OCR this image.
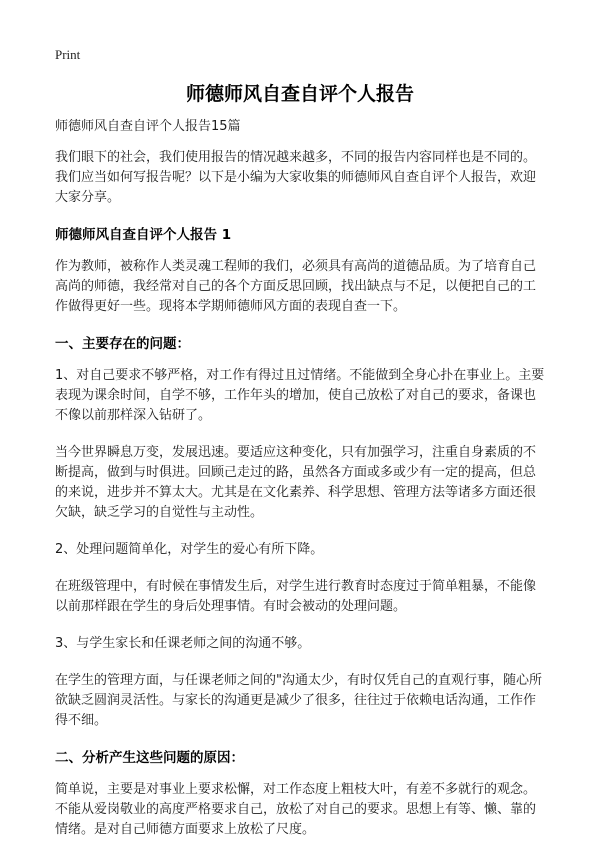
Print
师德师风自查自评个人报告

师德师风自查自评个人报告15篇

我们眼下的社会，我们使用报告的情况越来越多，不同的报告内容同样也是不同的。我们应当如何写报告呢？以下是小编为大家收集的师德师风自查自评个人报告，欢迎大家分享。

师德师风自查自评个人报告 1

作为教师，被称作人类灵魂工程师的我们，必须具有高尚的道德品质。为了培育自己高尚的师德，我经常对自己的各个方面反思回顾，找出缺点与不足，以便把自己的工作做得更好一些。现将本学期师德师风方面的表现自查一下。

一、主要存在的问题：

1、对自己要求不够严格，对工作有得过且过情绪。不能做到全身心扑在事业上。主要表现为课余时间，自学不够，工作年头的增加，使自己放松了对自己的要求，备课也不像以前那样深入钻研了。

当今世界瞬息万变，发展迅速。要适应这种变化，只有加强学习，注重自身素质的不断提高，做到与时俱进。回顾己走过的路，虽然各方面或多或少有一定的提高，但总的来说，进步并不算太大。尤其是在文化素养、科学思想、管理方法等诸多方面还很欠缺，缺乏学习的自觉性与主动性。

2、处理问题简单化，对学生的爱心有所下降。

在班级管理中，有时候在事情发生后，对学生进行教育时态度过于简单粗暴，不能像以前那样跟在学生的身后处理事情。有时会被动的处理问题。

3、与学生家长和任课老师之间的沟通不够。

在学生的管理方面，与任课老师之间的"沟通太少，有时仅凭自己的直观行事，随心所欲缺乏圆润灵活性。与家长的沟通更是减少了很多，往往过于依赖电话沟通，工作作得不细。

二、分析产生这些问题的原因：

简单说，主要是对事业上要求松懈，对工作态度上粗枝大叶，有差不多就行的观念。不能从爱岗敬业的高度严格要求自己，放松了对自己的要求。思想上有等、懒、靠的情绪。是对自己师德方面要求上放松了尺度。
